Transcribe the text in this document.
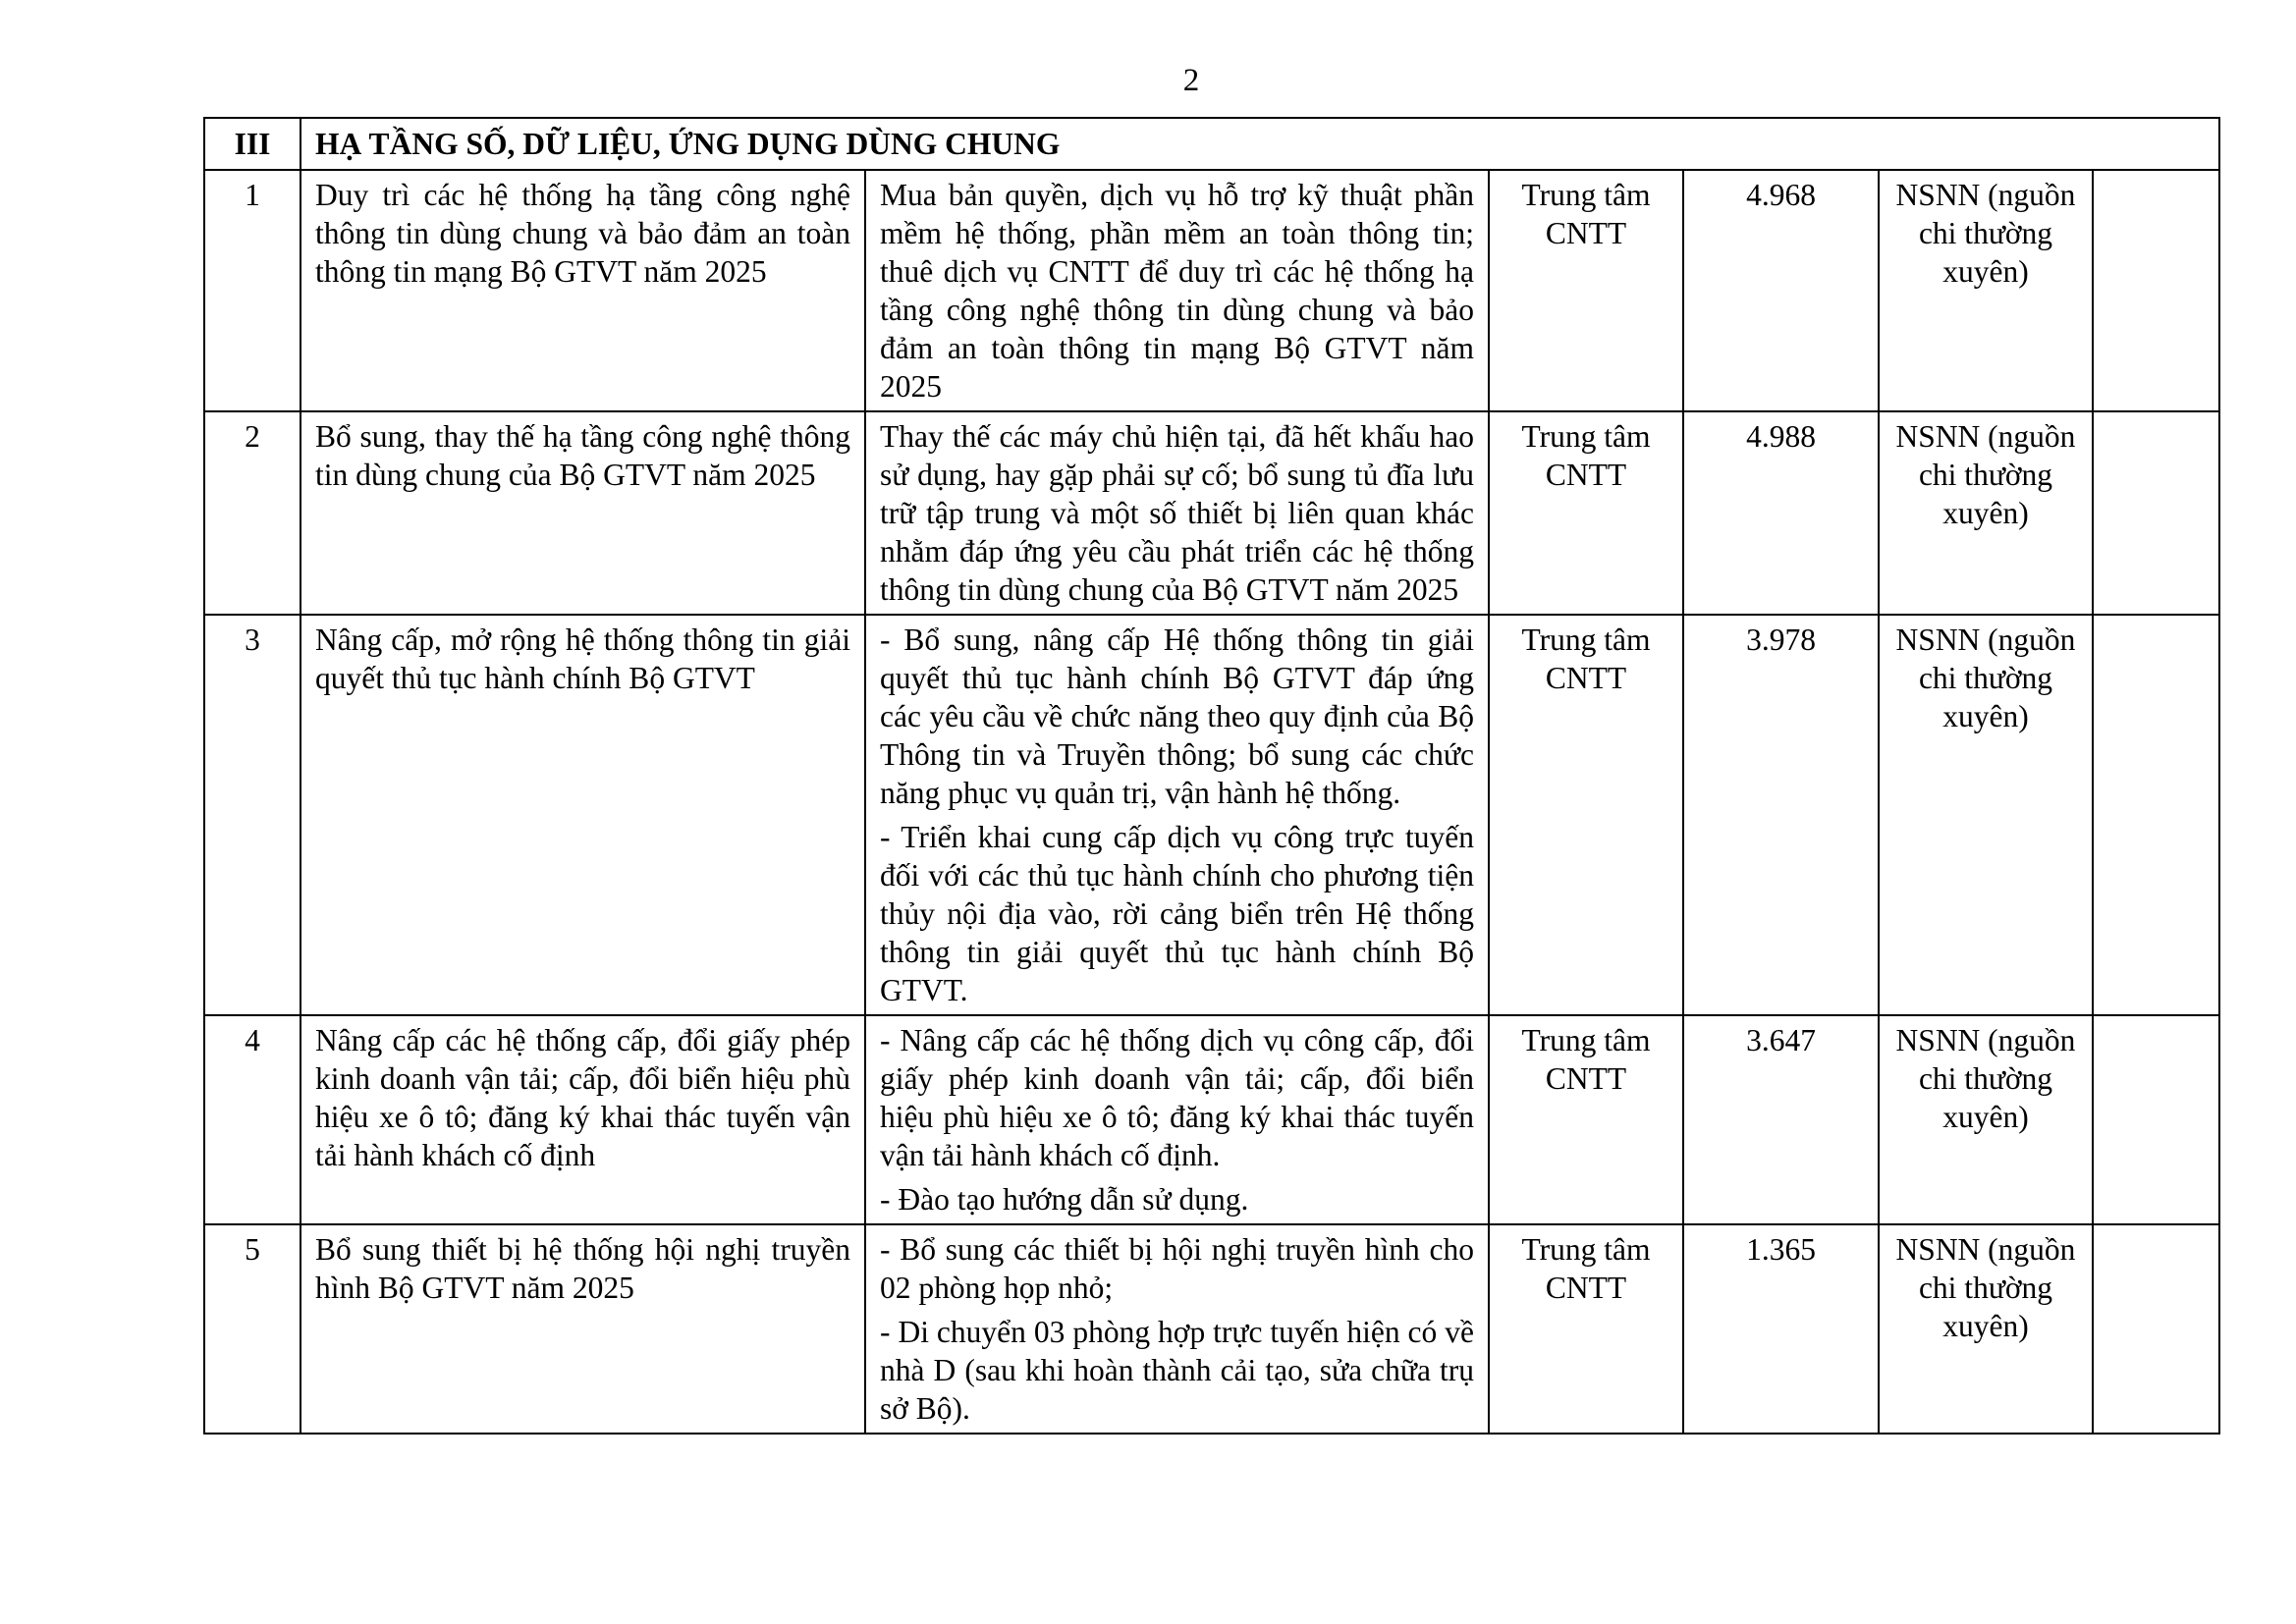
2
III	HẠ TẦNG SỐ, DỮ LIỆU, ỨNG DỤNG DÙNG CHUNG					
1	Duy trì các hệ thống hạ tầng công nghệ thông tin dùng chung và bảo đảm an toàn thông tin mạng Bộ GTVT năm 2025	Mua bản quyền, dịch vụ hỗ trợ kỹ thuật phần mềm hệ thống, phần mềm an toàn thông tin; thuê dịch vụ CNTT để duy trì các hệ thống hạ tầng công nghệ thông tin dùng chung và bảo đảm an toàn thông tin mạng Bộ GTVT năm 2025	Trung tâm CNTT	4.968	NSNN (nguồn chi thường xuyên)	
2	Bổ sung, thay thế hạ tầng công nghệ thông tin dùng chung của Bộ GTVT năm 2025	Thay thế các máy chủ hiện tại, đã hết khấu hao sử dụng, hay gặp phải sự cố; bổ sung tủ đĩa lưu trữ tập trung và một số thiết bị liên quan khác nhằm đáp ứng yêu cầu phát triển các hệ thống thông tin dùng chung của Bộ GTVT năm 2025	Trung tâm CNTT	4.988	NSNN (nguồn chi thường xuyên)	
3	Nâng cấp, mở rộng hệ thống thông tin giải quyết thủ tục hành chính Bộ GTVT	- Bổ sung, nâng cấp Hệ thống thông tin giải quyết thủ tục hành chính Bộ GTVT đáp ứng các yêu cầu về chức năng theo quy định của Bộ Thông tin và Truyền thông; bổ sung các chức năng phục vụ quản trị, vận hành hệ thống.
- Triển khai cung cấp dịch vụ công trực tuyến đối với các thủ tục hành chính cho phương tiện thủy nội địa vào, rời cảng biển trên Hệ thống thông tin giải quyết thủ tục hành chính Bộ GTVT.	Trung tâm CNTT	3.978	NSNN (nguồn chi thường xuyên)	
4	Nâng cấp các hệ thống cấp, đổi giấy phép kinh doanh vận tải; cấp, đổi biển hiệu phù hiệu xe ô tô; đăng ký khai thác tuyến vận tải hành khách cố định	- Nâng cấp các hệ thống dịch vụ công cấp, đổi giấy phép kinh doanh vận tải; cấp, đổi biển hiệu phù hiệu xe ô tô; đăng ký khai thác tuyến vận tải hành khách cố định.
- Đào tạo hướng dẫn sử dụng.	Trung tâm CNTT	3.647	NSNN (nguồn chi thường xuyên)	
5	Bổ sung thiết bị hệ thống hội nghị truyền hình Bộ GTVT năm 2025	- Bổ sung các thiết bị hội nghị truyền hình cho 02 phòng họp nhỏ;
- Di chuyển 03 phòng hợp trực tuyến hiện có về nhà D (sau khi hoàn thành cải tạo, sửa chữa trụ sở Bộ).	Trung tâm CNTT	1.365	NSNN (nguồn chi thường xuyên)	
